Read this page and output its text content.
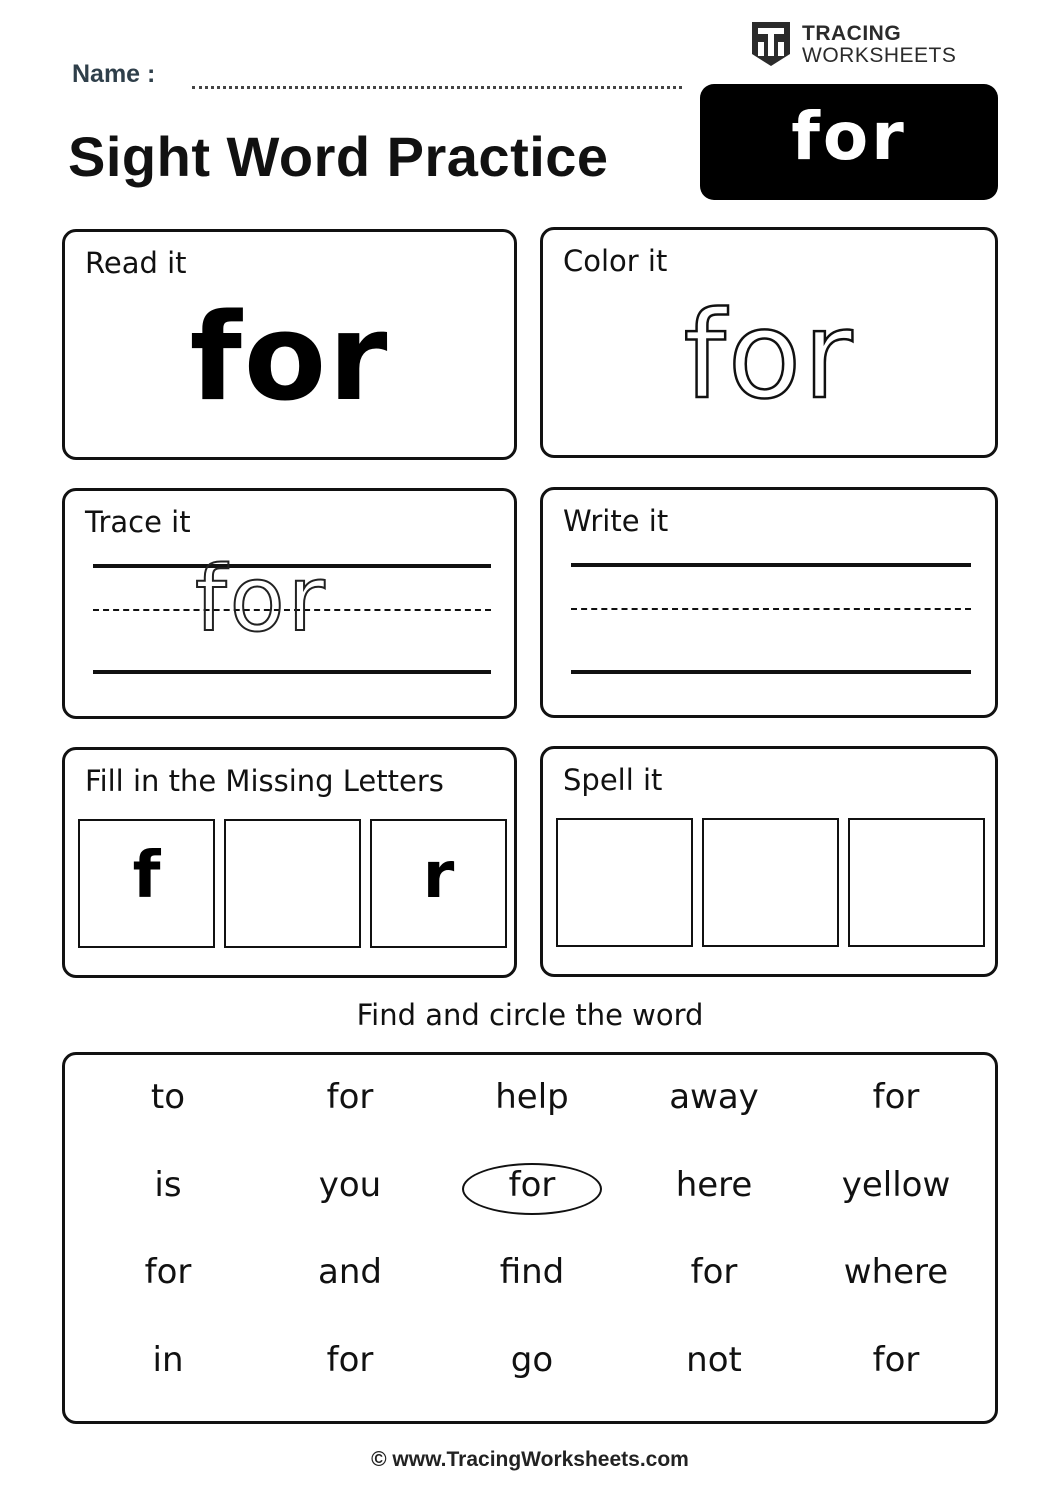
TRACING
WORKSHEETS
Name :
Sight Word Practice	for
Read it
for
Color it
for
Trace it
for
Write it
Fill in the Missing Letters
f	r
Spell it
Find and circle the word
to	for	help	away	for
is	you	for	here	yellow
for	and	find	for	where
in	for	go	not	for
© www.TracingWorksheets.com
